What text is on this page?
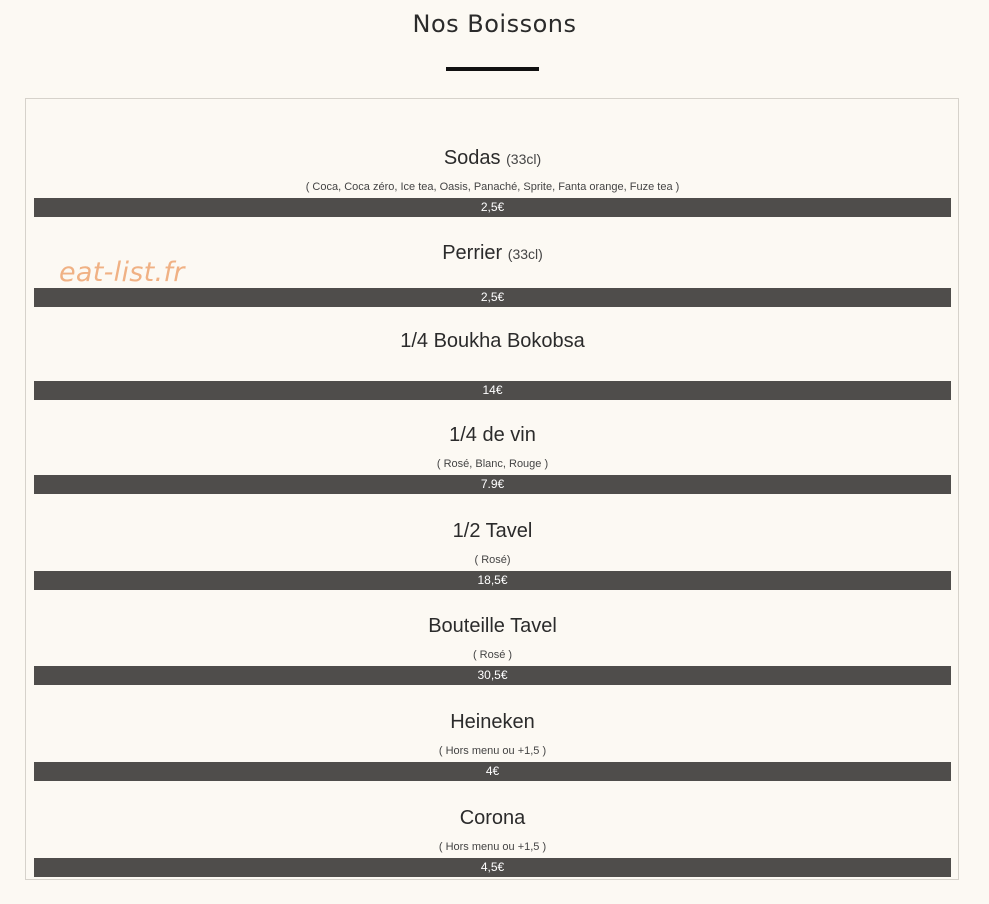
Nos Boissons
Sodas (33cl)
( Coca, Coca zéro, Ice tea, Oasis, Panaché, Sprite, Fanta orange, Fuze tea )
2,5€
Perrier (33cl)
2,5€
1/4 Boukha Bokobsa
14€
1/4 de vin
( Rosé, Blanc, Rouge )
7.9€
1/2 Tavel
( Rosé)
18,5€
Bouteille Tavel
( Rosé )
30,5€
Heineken
( Hors menu ou +1,5 )
4€
Corona
( Hors menu ou +1,5 )
4,5€
eat-list.fr
